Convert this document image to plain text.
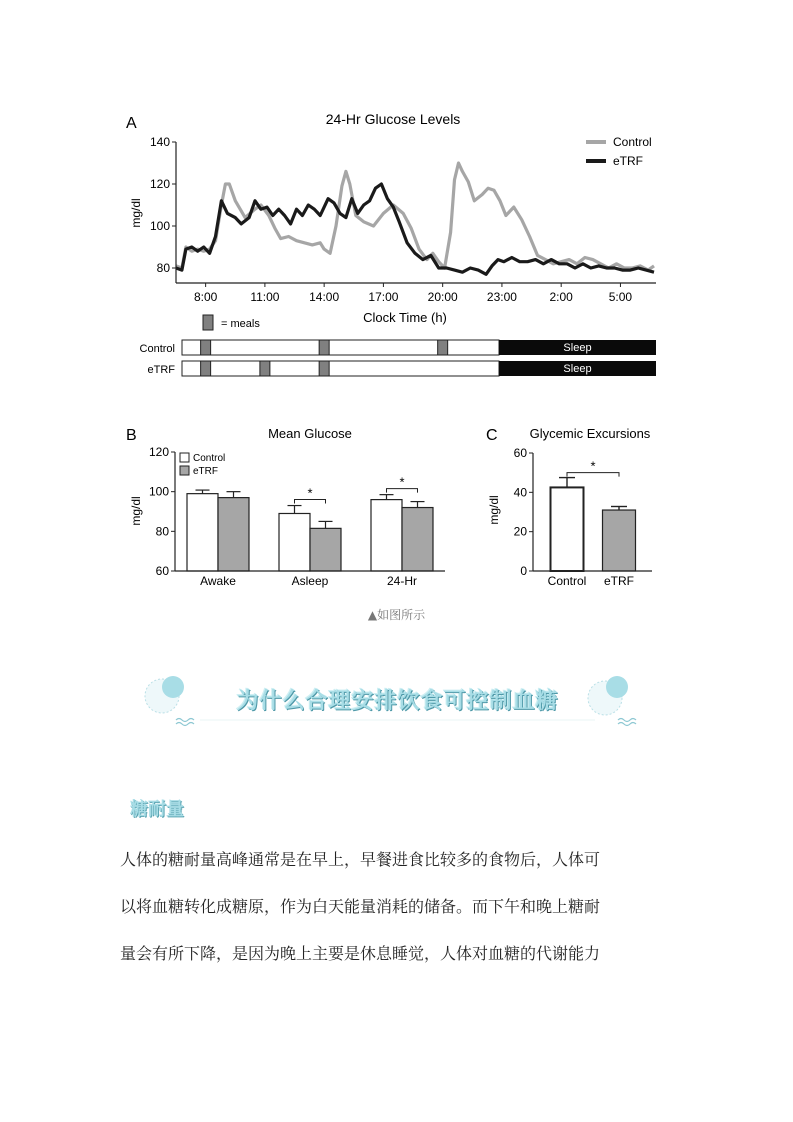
A	24-Hr Glucose Levels
mg/dl
Clock Time (h)
80
100
120
140
8:00	11:00 14:00 17:00 20:00 23:00	2:00	5:00
Control
eTRF
= meals
Control	Sleep
eTRF	Sleep
B	Mean Glucose
mg/dl
60
80
100
120
Awake	Asleep	24-Hr
*
*
Control
eTRF
C Glycemic Excursions
mg/dl
0
20
40
60
Control eTRF
*
▲如图所示
为什么合理安排饮食可控制血糖
糖耐量

人体的糖耐量高峰通常是在早上，早餐进食比较多的食物后，人体可

以将血糖转化成糖原，作为白天能量消耗的储备。而下午和晚上糖耐

量会有所下降，是因为晚上主要是休息睡觉，人体对血糖的代谢能力
